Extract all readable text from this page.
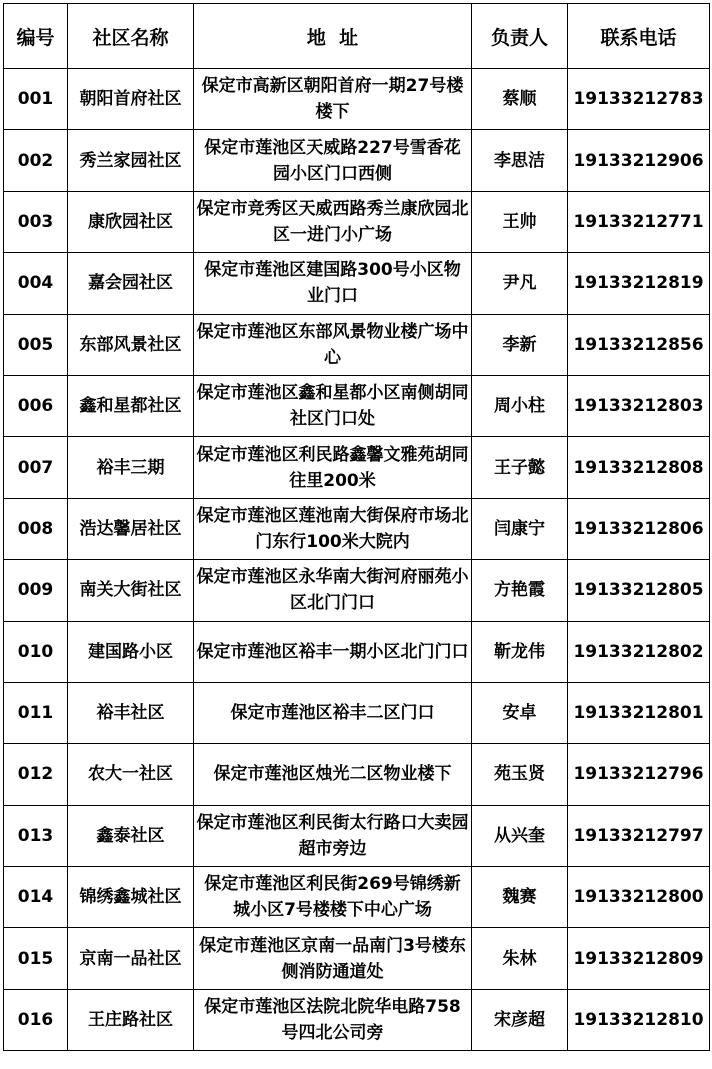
编号	社区名称	地  址	负责人	联系电话
001	朝阳首府社区	保定市高新区朝阳首府一期27号楼楼下	蔡顺	19133212783
002	秀兰家园社区	保定市莲池区天威路227号雪香花园小区门口西侧	李思洁	19133212906
003	康欣园社区	保定市竞秀区天威西路秀兰康欣园北区一进门小广场	王帅	19133212771
004	嘉会园社区	保定市莲池区建国路300号小区物业门口	尹凡	19133212819
005	东部风景社区	保定市莲池区东部风景物业楼广场中心	李新	19133212856
006	鑫和星都社区	保定市莲池区鑫和星都小区南侧胡同社区门口处	周小柱	19133212803
007	裕丰三期	保定市莲池区利民路鑫馨文雅苑胡同往里200米	王子懿	19133212808
008	浩达馨居社区	保定市莲池区莲池南大街保府市场北门东行100米大院内	闫康宁	19133212806
009	南关大街社区	保定市莲池区永华南大街河府丽苑小区北门门口	方艳霞	19133212805
010	建国路小区	保定市莲池区裕丰一期小区北门门口	靳龙伟	19133212802
011	裕丰社区	保定市莲池区裕丰二区门口	安卓	19133212801
012	农大一社区	保定市莲池区烛光二区物业楼下	苑玉贤	19133212796
013	鑫泰社区	保定市莲池区利民街太行路口大卖园超市旁边	从兴奎	19133212797
014	锦绣鑫城社区	保定市莲池区利民街269号锦绣新城小区7号楼楼下中心广场	魏赛	19133212800
015	京南一品社区	保定市莲池区京南一品南门3号楼东侧消防通道处	朱林	19133212809
016	王庄路社区	保定市莲池区法院北院华电路758号四北公司旁	宋彦超	19133212810
